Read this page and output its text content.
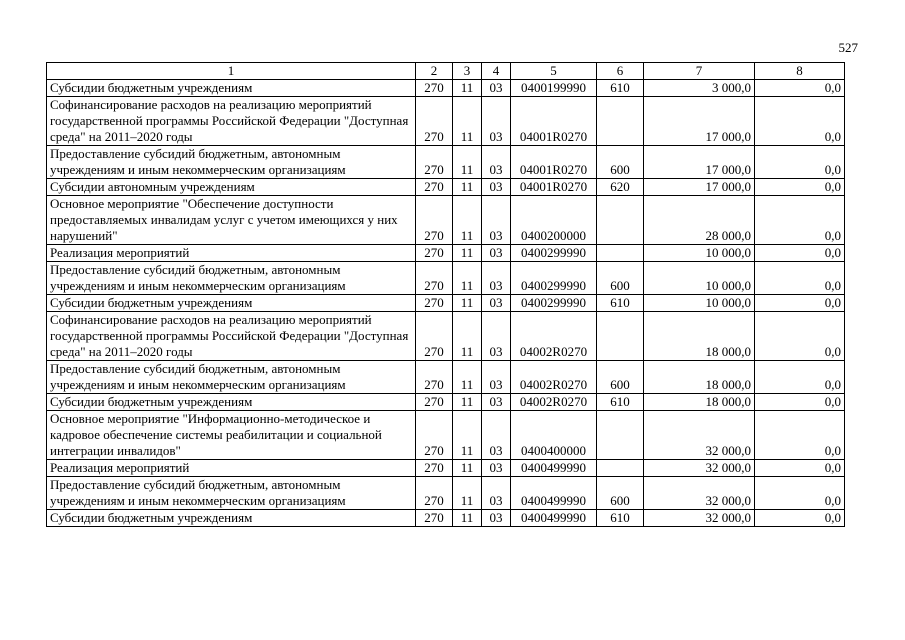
527
1	2	3	4	5	6	7	8
Субсидии бюджетным учреждениям	270	11	03	0400199990	610	3 000,0	0,0
Софинансирование расходов на реализацию мероприятий государственной программы Российской Федерации "Доступная среда" на 2011–2020 годы	270	11	03	04001R0270		17 000,0	0,0
Предоставление субсидий бюджетным, автономным учреждениям и иным некоммерческим организациям	270	11	03	04001R0270	600	17 000,0	0,0
Субсидии автономным учреждениям	270	11	03	04001R0270	620	17 000,0	0,0
Основное мероприятие "Обеспечение доступности предоставляемых инвалидам услуг с учетом имеющихся у них нарушений"	270	11	03	0400200000		28 000,0	0,0
Реализация мероприятий	270	11	03	0400299990		10 000,0	0,0
Предоставление субсидий бюджетным, автономным учреждениям и иным некоммерческим организациям	270	11	03	0400299990	600	10 000,0	0,0
Субсидии бюджетным учреждениям	270	11	03	0400299990	610	10 000,0	0,0
Софинансирование расходов на реализацию мероприятий государственной программы Российской Федерации "Доступная среда" на 2011–2020 годы	270	11	03	04002R0270		18 000,0	0,0
Предоставление субсидий бюджетным, автономным учреждениям и иным некоммерческим организациям	270	11	03	04002R0270	600	18 000,0	0,0
Субсидии бюджетным учреждениям	270	11	03	04002R0270	610	18 000,0	0,0
Основное мероприятие "Информационно-методическое и кадровое обеспечение системы реабилитации и социальной интеграции инвалидов"	270	11	03	0400400000		32 000,0	0,0
Реализация мероприятий	270	11	03	0400499990		32 000,0	0,0
Предоставление субсидий бюджетным, автономным учреждениям и иным некоммерческим организациям	270	11	03	0400499990	600	32 000,0	0,0
Субсидии бюджетным учреждениям	270	11	03	0400499990	610	32 000,0	0,0
